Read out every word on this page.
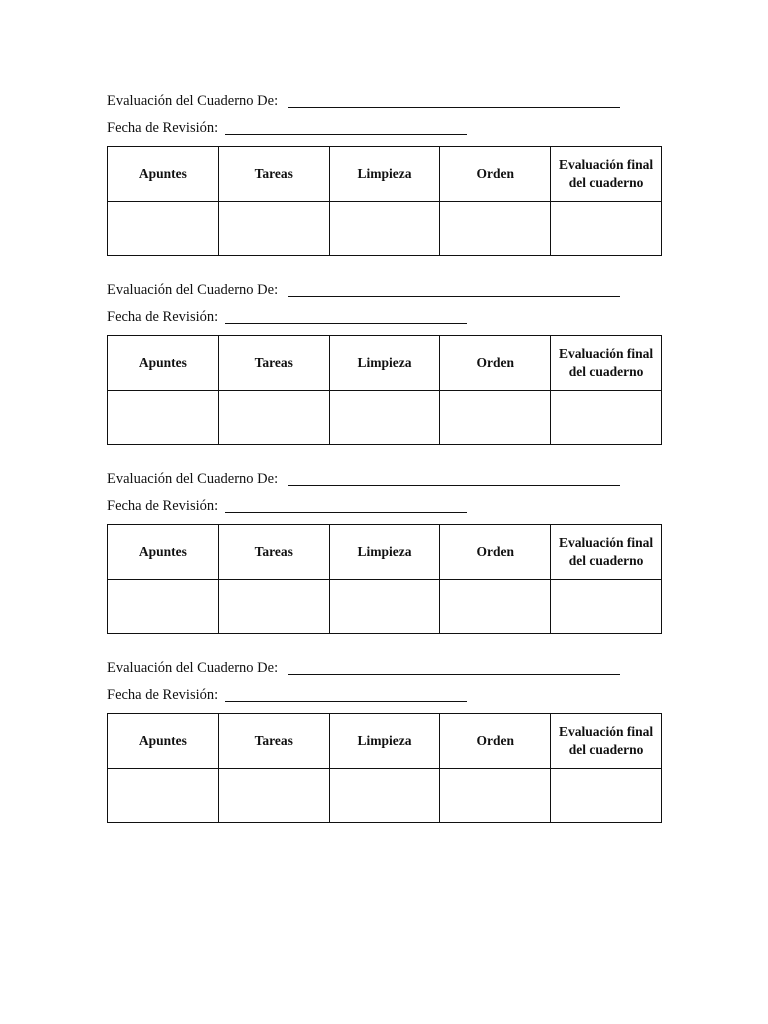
Evaluación del Cuaderno De:
Fecha de Revisión:
Apuntes	Tareas	Limpieza	Orden	Evaluación final del cuaderno

Evaluación del Cuaderno De:
Fecha de Revisión:
Apuntes	Tareas	Limpieza	Orden	Evaluación final del cuaderno

Evaluación del Cuaderno De:
Fecha de Revisión:
Apuntes	Tareas	Limpieza	Orden	Evaluación final del cuaderno

Evaluación del Cuaderno De:
Fecha de Revisión:
Apuntes	Tareas	Limpieza	Orden	Evaluación final del cuaderno
